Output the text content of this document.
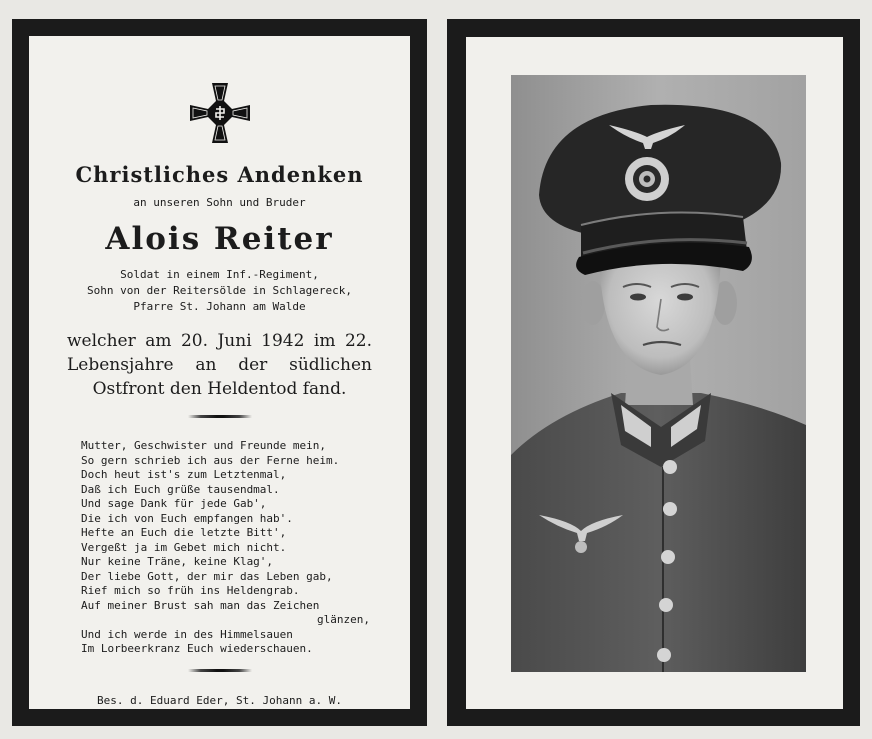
1939
Christliches Andenken
an unseren Sohn und Bruder
Alois Reiter
Soldat in einem Inf.-Regiment,
Sohn von der Reitersölde in Schlagereck,
Pfarre St. Johann am Walde
welcher am 20. Juni 1942 im 22.
Lebensjahre an der südlichen
Ostfront den Heldentod fand.
Mutter, Geschwister und Freunde mein,
So gern schrieb ich aus der Ferne heim.
Doch heut ist's zum Letztenmal,
Daß ich Euch grüße tausendmal.
Und sage Dank für jede Gab',
Die ich von Euch empfangen hab'.
Hefte an Euch die letzte Bitt',
Vergeßt ja im Gebet mich nicht.
Nur keine Träne, keine Klag',
Der liebe Gott, der mir das Leben gab,
Rief mich so früh ins Heldengrab.
Auf meiner Brust sah man das Zeichen
glänzen,
Und ich werde in des Himmelsauen
Im Lorbeerkranz Euch wiederschauen.
Bes. d. Eduard Eder, St. Johann a. W.
